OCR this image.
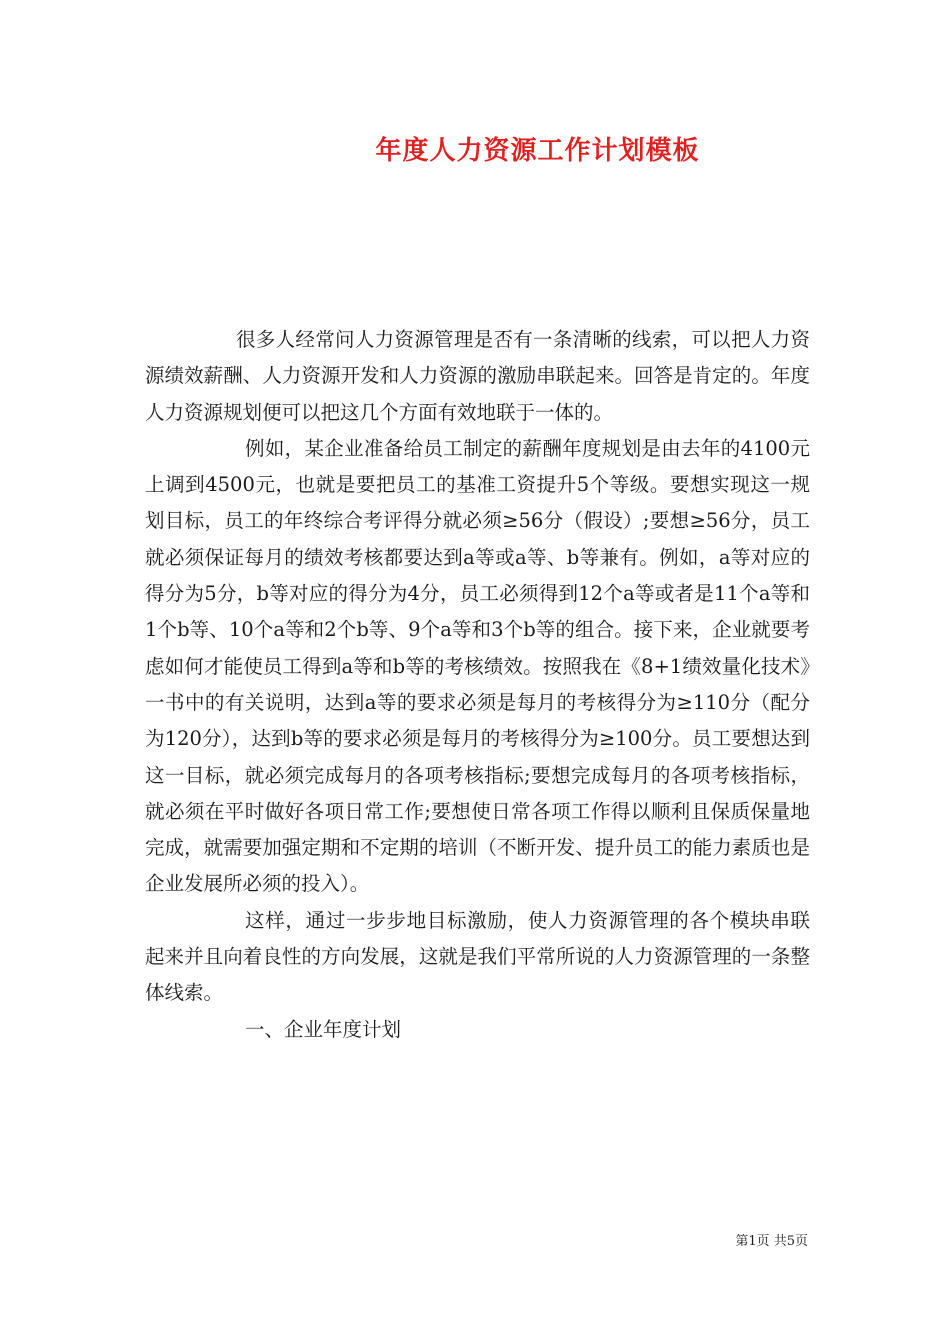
年度人力资源工作计划模板

很多人经常问人力资源管理是否有一条清晰的线索，可以把人力资源绩效薪酬、人力资源开发和人力资源的激励串联起来。回答是肯定的。年度人力资源规划便可以把这几个方面有效地联于一体的。

例如，某企业准备给员工制定的薪酬年度规划是由去年的4100元上调到4500元，也就是要把员工的基准工资提升5个等级。要想实现这一规划目标，员工的年终综合考评得分就必须≥56分（假设）;要想≥56分，员工就必须保证每月的绩效考核都要达到a等或a等、b等兼有。例如，a等对应的得分为5分，b等对应的得分为4分，员工必须得到12个a等或者是11个a等和1个b等、10个a等和2个b等、9个a等和3个b等的组合。接下来，企业就要考虑如何才能使员工得到a等和b等的考核绩效。按照我在《8+1绩效量化技术》一书中的有关说明，达到a等的要求必须是每月的考核得分为≥110分（配分为120分），达到b等的要求必须是每月的考核得分为≥100分。员工要想达到这一目标，就必须完成每月的各项考核指标;要想完成每月的各项考核指标，就必须在平时做好各项日常工作;要想使日常各项工作得以顺利且保质保量地完成，就需要加强定期和不定期的培训（不断开发、提升员工的能力素质也是企业发展所必须的投入）。

这样，通过一步步地目标激励，使人力资源管理的各个模块串联起来并且向着良性的方向发展，这就是我们平常所说的人力资源管理的一条整体线索。

一、企业年度计划

第1页 共5页
